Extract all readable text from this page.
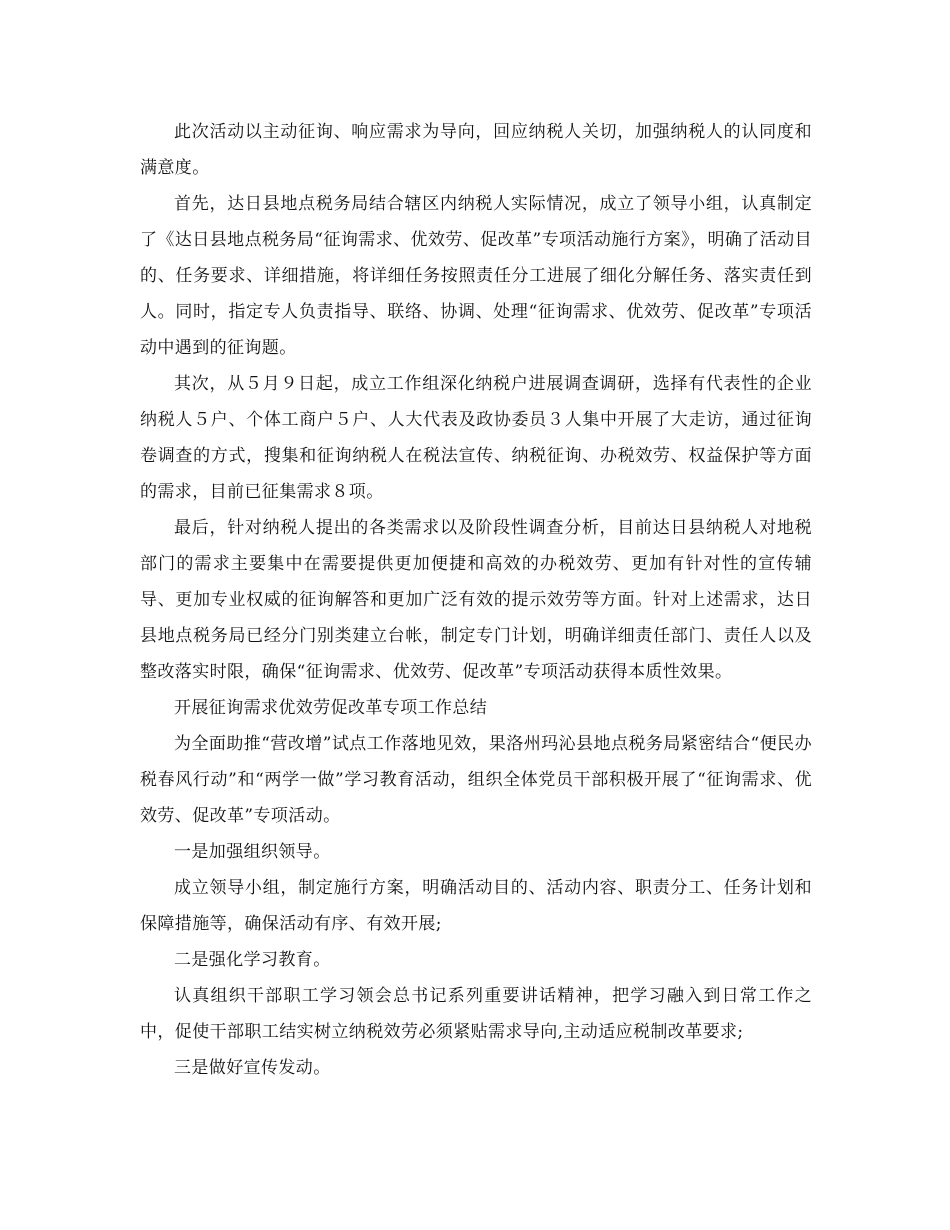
此次活动以主动征询、响应需求为导向，回应纳税人关切，加强纳税人的认同度和满意度。

首先，达日县地点税务局结合辖区内纳税人实际情况，成立了领导小组，认真制定了《达日县地点税务局“征询需求、优效劳、促改革”专项活动施行方案》，明确了活动目的、任务要求、详细措施，将详细任务按照责任分工进展了细化分解任务、落实责任到人。同时，指定专人负责指导、联络、协调、处理“征询需求、优效劳、促改革”专项活动中遇到的征询题。

其次，从５月９日起，成立工作组深化纳税户进展调查调研，选择有代表性的企业纳税人５户、个体工商户５户、人大代表及政协委员３人集中开展了大走访，通过征询卷调查的方式，搜集和征询纳税人在税法宣传、纳税征询、办税效劳、权益保护等方面的需求，目前已征集需求８项。

最后，针对纳税人提出的各类需求以及阶段性调查分析，目前达日县纳税人对地税部门的需求主要集中在需要提供更加便捷和高效的办税效劳、更加有针对性的宣传辅导、更加专业权威的征询解答和更加广泛有效的提示效劳等方面。针对上述需求，达日县地点税务局已经分门别类建立台帐，制定专门计划，明确详细责任部门、责任人以及整改落实时限，确保“征询需求、优效劳、促改革”专项活动获得本质性效果。

开展征询需求优效劳促改革专项工作总结

为全面助推“营改增”试点工作落地见效，果洛州玛沁县地点税务局紧密结合“便民办税春风行动”和“两学一做”学习教育活动，组织全体党员干部积极开展了“征询需求、优效劳、促改革”专项活动。

一是加强组织领导。

成立领导小组，制定施行方案，明确活动目的、活动内容、职责分工、任务计划和保障措施等，确保活动有序、有效开展;

二是强化学习教育。

认真组织干部职工学习领会总书记系列重要讲话精神，把学习融入到日常工作之中，促使干部职工结实树立纳税效劳必须紧贴需求导向,主动适应税制改革要求;

三是做好宣传发动。
